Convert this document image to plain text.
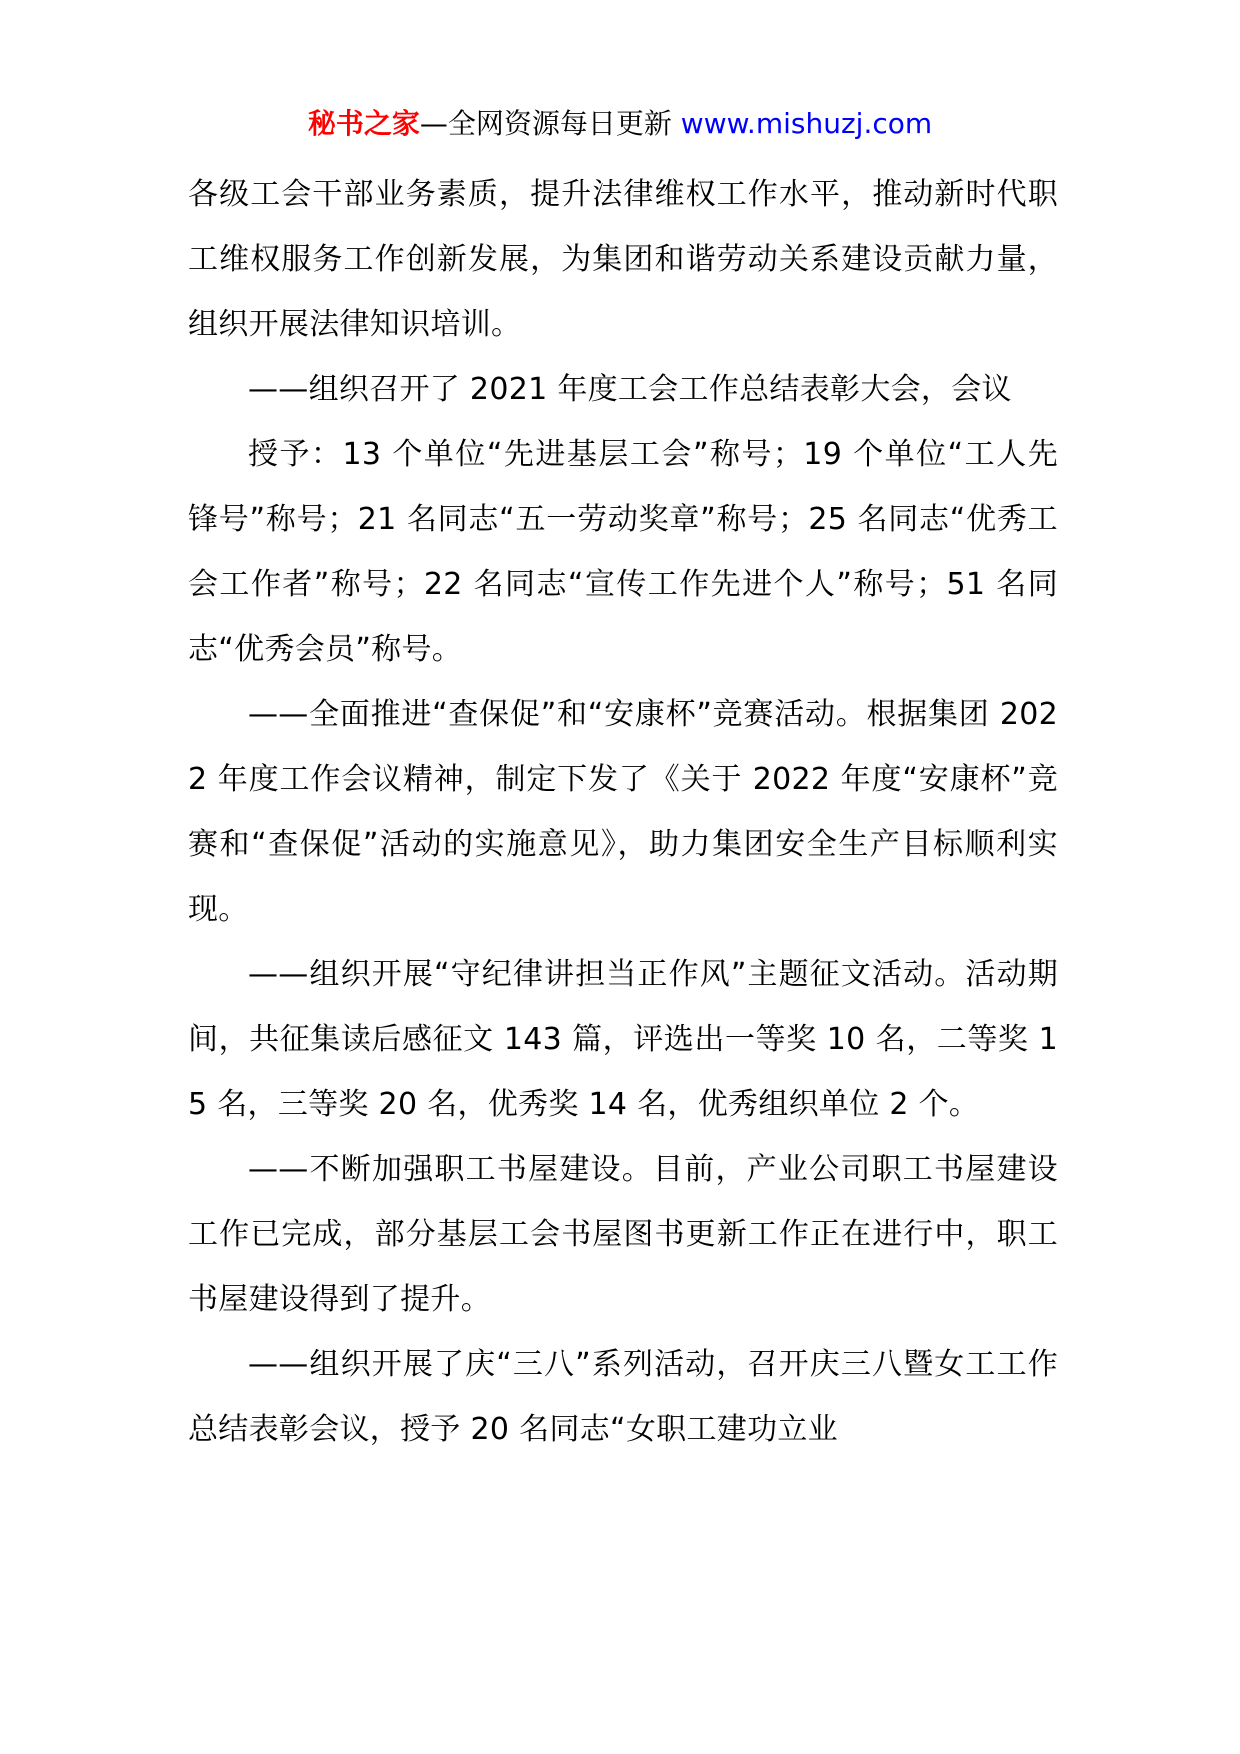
秘书之家—全网资源每日更新 www.mishuzj.com

各级工会干部业务素质，提升法律维权工作水平，推动新时代职工维权服务工作创新发展，为集团和谐劳动关系建设贡献力量，组织开展法律知识培训。

——组织召开了 2021 年度工会工作总结表彰大会，会议

授予：13 个单位“先进基层工会”称号；19 个单位“工人先锋号”称号；21 名同志“五一劳动奖章”称号；25 名同志“优秀工会工作者”称号；22 名同志“宣传工作先进个人”称号；51 名同志“优秀会员”称号。

——全面推进“查保促”和“安康杯”竞赛活动。根据集团 2022 年度工作会议精神，制定下发了《关于 2022 年度“安康杯”竞赛和“查保促”活动的实施意见》，助力集团安全生产目标顺利实现。

——组织开展“守纪律讲担当正作风”主题征文活动。活动期间，共征集读后感征文 143 篇，评选出一等奖 10 名，二等奖 15 名，三等奖 20 名，优秀奖 14 名，优秀组织单位 2 个。

——不断加强职工书屋建设。目前，产业公司职工书屋建设工作已完成，部分基层工会书屋图书更新工作正在进行中，职工书屋建设得到了提升。

——组织开展了庆“三八”系列活动，召开庆三八暨女工工作总结表彰会议，授予 20 名同志“女职工建功立业
